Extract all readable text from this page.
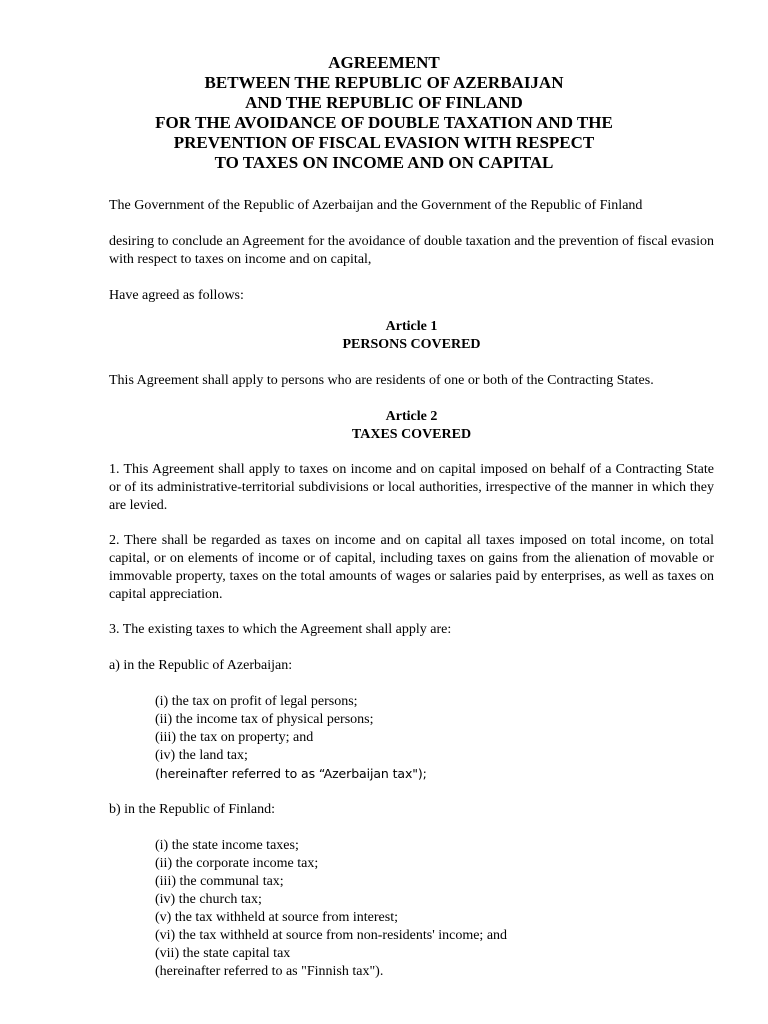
AGREEMENT
BETWEEN THE REPUBLIC OF AZERBAIJAN
AND THE REPUBLIC OF FINLAND
FOR THE AVOIDANCE OF DOUBLE TAXATION AND THE
PREVENTION OF FISCAL EVASION WITH RESPECT
TO TAXES ON INCOME AND ON CAPITAL

The Government of the Republic of Azerbaijan and the Government of the Republic of Finland

desiring to conclude an Agreement for the avoidance of double taxation and the prevention of fiscal evasion with respect to taxes on income and on capital,

Have agreed as follows:

Article 1

PERSONS COVERED

This Agreement shall apply to persons who are residents of one or both of the Contracting States.

Article 2

TAXES COVERED

1. This Agreement shall apply to taxes on income and on capital imposed on behalf of a Contracting State or of its administrative-territorial subdivisions or local authorities, irrespective of the manner in which they are levied.

2. There shall be regarded as taxes on income and on capital all taxes imposed on total income, on total capital, or on elements of income or of capital, including taxes on gains from the alienation of movable or immovable property, taxes on the total amounts of wages or salaries paid by enterprises, as well as taxes on capital appreciation.

3. The existing taxes to which the Agreement shall apply are:

a) in the Republic of Azerbaijan:

(i) the tax on profit of legal persons;
(ii) the income tax of physical persons;
(iii) the tax on property; and
(iv) the land tax;
(hereinafter referred to as “Azerbaijan tax");

b) in the Republic of Finland:

(i) the state income taxes;
(ii) the corporate income tax;
(iii) the communal tax;
(iv) the church tax;
(v) the tax withheld at source from interest;
(vi) the tax withheld at source from non-residents' income; and
(vii) the state capital tax
(hereinafter referred to as "Finnish tax").
